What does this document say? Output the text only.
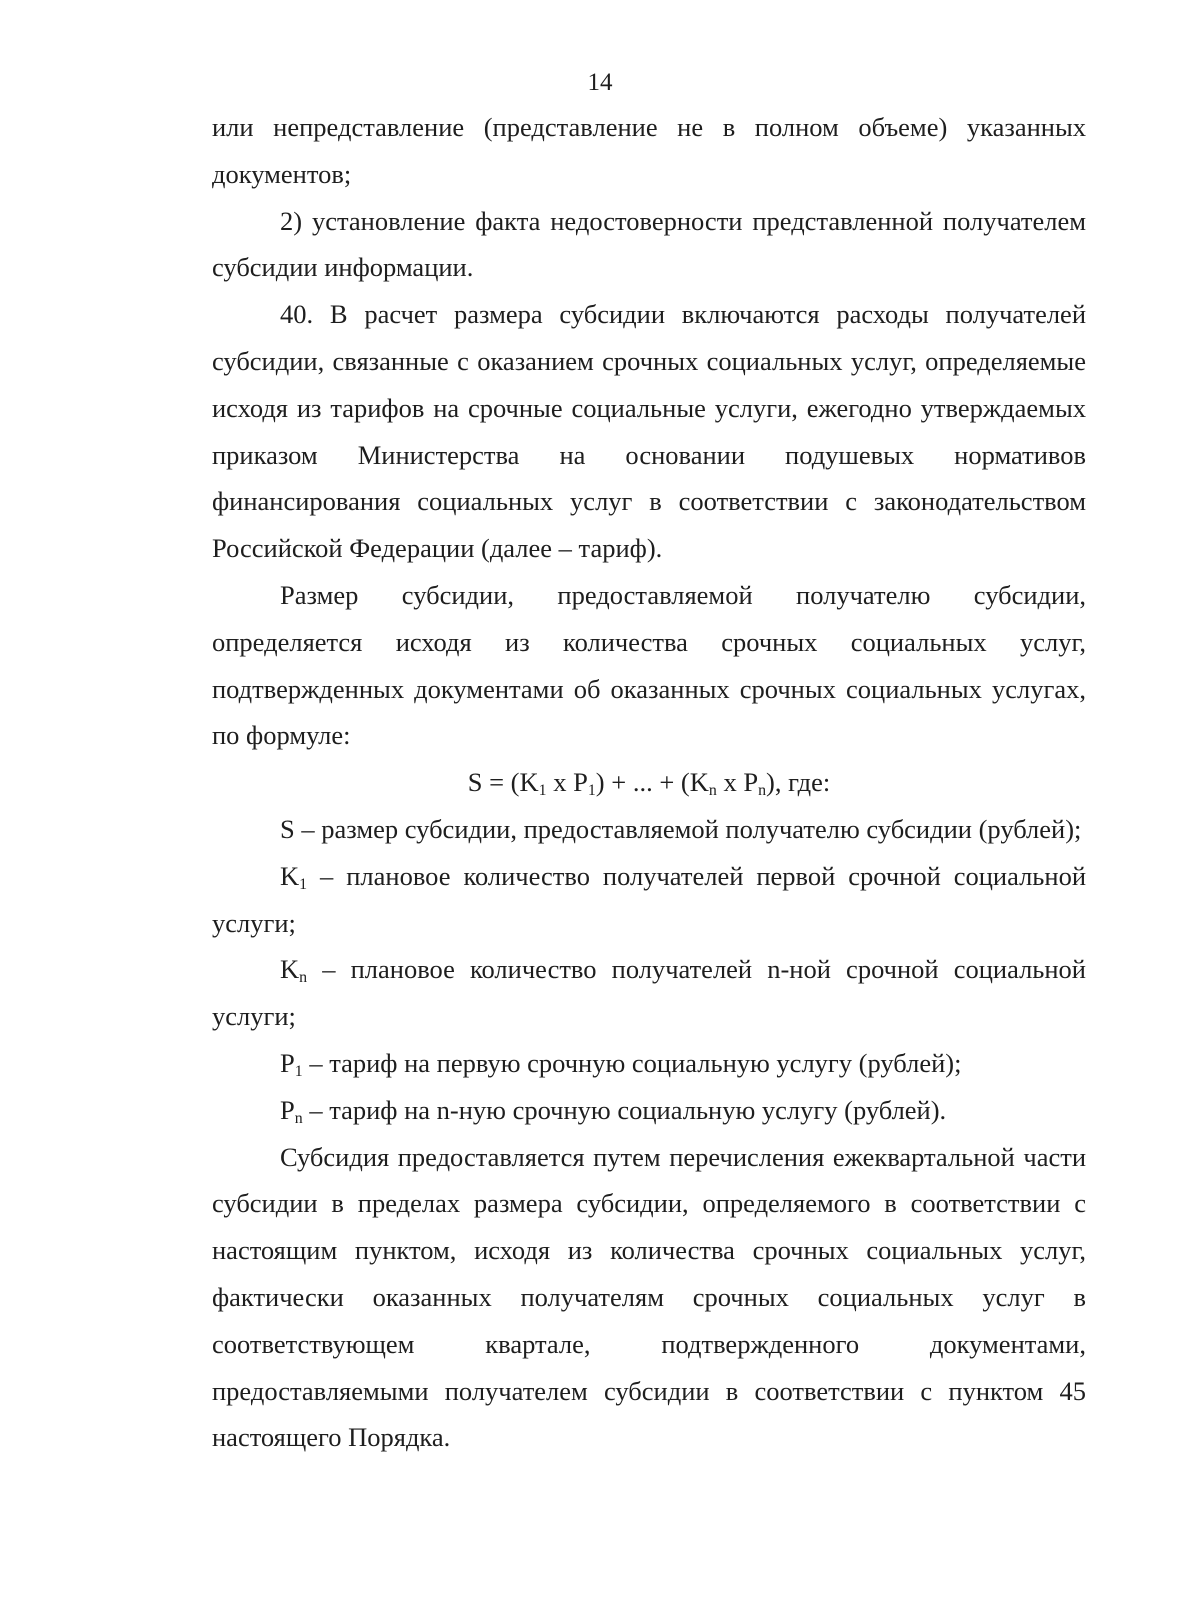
14

или непредставление (представление не в полном объеме) указанных документов;

2) установление факта недостоверности представленной получателем субсидии информации.

40. В расчет размера субсидии включаются расходы получателей субсидии, связанные с оказанием срочных социальных услуг, определяемые исходя из тарифов на срочные социальные услуги, ежегодно утверждаемых приказом Министерства на основании подушевых нормативов финансирования социальных услуг в соответствии с законодательством Российской Федерации (далее – тариф).

Размер субсидии, предоставляемой получателю субсидии, определяется исходя из количества срочных социальных услуг, подтвержденных документами об оказанных срочных социальных услугах, по формуле:

$S = (K_1$ x $P_1$) + ... + ($K_n$ x $P_n$), где:

S – размер субсидии, предоставляемой получателю субсидии (рублей);

$K_1$ – плановое количество получателей первой срочной социальной услуги;

$K_n$ – плановое количество получателей n-ной срочной социальной услуги;

$P_1$ – тариф на первую срочную социальную услугу (рублей);

$P_n$ – тариф на n-ную срочную социальную услугу (рублей).

Субсидия предоставляется путем перечисления ежеквартальной части субсидии в пределах размера субсидии, определяемого в соответствии с настоящим пунктом, исходя из количества срочных социальных услуг, фактически оказанных получателям срочных социальных услуг в соответствующем квартале, подтвержденного документами, предоставляемыми получателем субсидии в соответствии с пунктом 45 настоящего Порядка.
